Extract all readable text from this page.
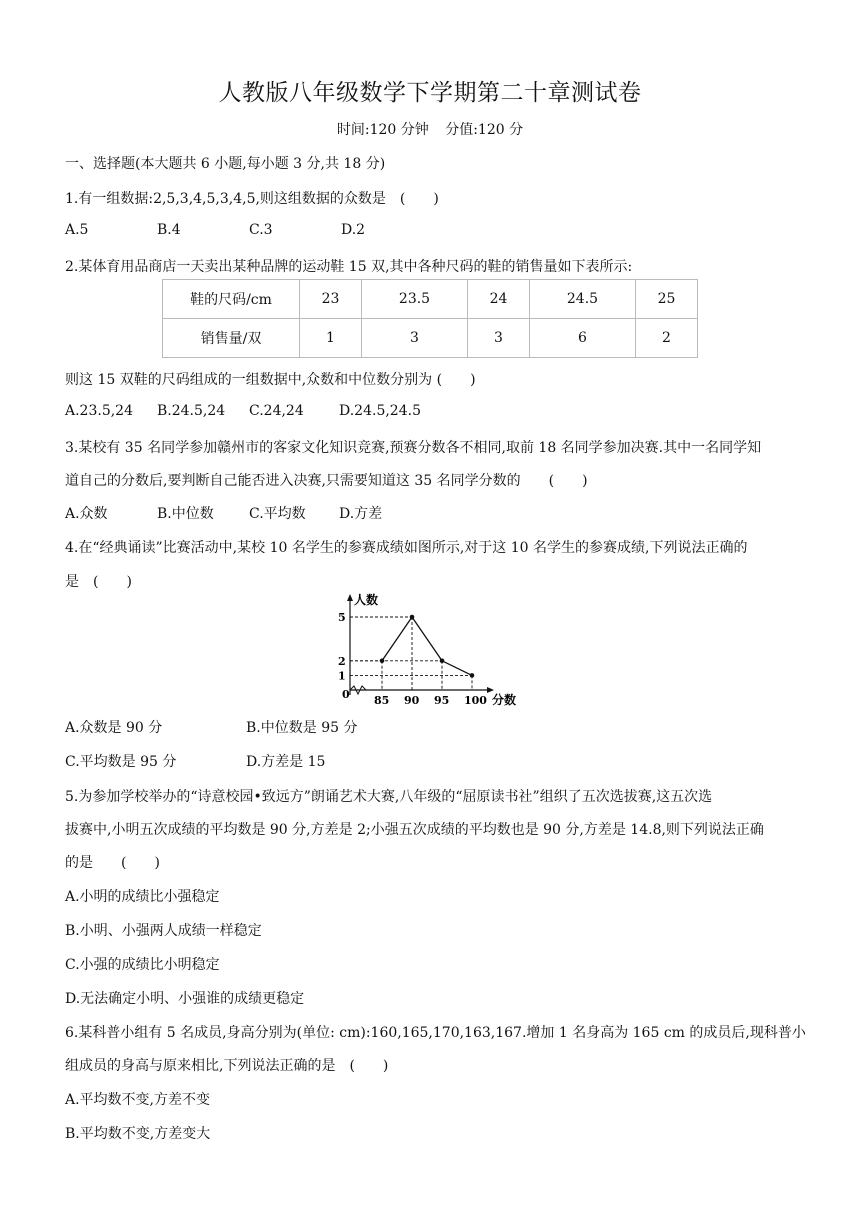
人教版八年级数学下学期第二十章测试卷
时间:120 分钟 分值:120 分
一、选择题(本大题共 6 小题,每小题 3 分,共 18 分)
1.有一组数据:2,5,3,4,5,3,4,5,则这组数据的众数是　(　　)
A.5	B.4	C.3	D.2
2.某体育用品商店一天卖出某种品牌的运动鞋 15 双,其中各种尺码的鞋的销售量如下表所示:
鞋的尺码/cm	23	23.5	24	24.5	25
销售量/双	1	3	3	6	2
则这 15 双鞋的尺码组成的一组数据中,众数和中位数分别为 (　　)
A.23.5,24 B.24.5,24 C.24,24	D.24.5,24.5
3.某校有 35 名同学参加赣州市的客家文化知识竞赛,预赛分数各不相同,取前 18 名同学参加决赛.其中一名同学知
道自己的分数后,要判断自己能否进入决赛,只需要知道这 35 名同学分数的　　(　　)
A.众数	B.中位数	C.平均数 D.方差
4.在“经典诵读”比赛活动中,某校 10 名学生的参赛成绩如图所示,对于这 10 名学生的参赛成绩,下列说法正确的
是　(　　)
人数
分数
0
1
2
5
85 90 95 100
A.众数是 90 分	B.中位数是 95 分
C.平均数是 95 分	D.方差是 15
5.为参加学校举办的“诗意校园•致远方”朗诵艺术大赛,八年级的“屈原读书社”组织了五次选拔赛,这五次选
拔赛中,小明五次成绩的平均数是 90 分,方差是 2;小强五次成绩的平均数也是 90 分,方差是 14.8,则下列说法正确
的是　　(　　)
A.小明的成绩比小强稳定
B.小明、小强两人成绩一样稳定
C.小强的成绩比小明稳定
D.无法确定小明、小强谁的成绩更稳定
6.某科普小组有 5 名成员,身高分别为(单位: cm):160,165,170,163,167.增加 1 名身高为 165 cm 的成员后,现科普小
组成员的身高与原来相比,下列说法正确的是　(　　)
A.平均数不变,方差不变
B.平均数不变,方差变大
